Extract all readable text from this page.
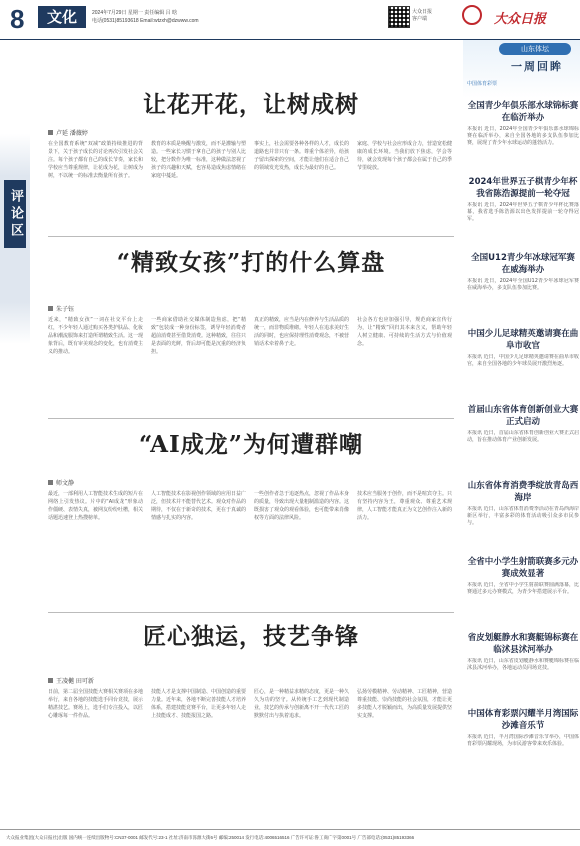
8	文化	2024年7月29日 星期一 责任编辑 吕 晗
电话(0531)85193618 Email:wtzxh@dzwww.com
大众日报
客户端	大众日报
评论区
让花开花，让树成树
卢延 潘薇婷
在全国教育系统“双减”政策持续推进的背景下，关于孩子成长的讨论再次引发社会关注。每个孩子都有自己的成长节奏，家长和学校应当尊重规律，让花成为花，让树成为树，不以统一的标准去衡量所有孩子。
教育的本质是唤醒与激发，而不是灌输与塑造。一些家长习惯于拿自己的孩子与别人比较，把分数作为唯一标准，这种做法忽视了孩子的兴趣和天赋，也容易造成焦虑情绪在家庭中蔓延。
事实上，社会需要各种各样的人才，成长的道路也并非只有一条。尊重个体差异，给孩子留出探索的空间，才能让他们在适合自己的领域发光发热，成长为最好的自己。
家庭、学校与社会应形成合力，营造宽松健康的成长环境。当我们放下焦虑，学会等待，就会发现每个孩子都会在属于自己的季节里绽放。
“精致女孩”打的什么算盘
朱子钰
近来，“精致女孩”一词在社交平台上走红，不少年轻人通过购买各类护肤品、化妆品和潮流服饰来打造所谓精致生活。这一现象背后，既有审美观念的变化，也有消费主义的推动。
一些商家借助社交媒体制造焦虑，把“精致”包装成一种身份标签，诱导年轻消费者超前消费甚至借贷消费。这种精致，往往只是表面的光鲜，背后却可能是沉重的经济负担。
真正的精致，应当是内在修养与生活品质的统一，而非物质堆砌。年轻人在追求美好生活的同时，也应保持理性消费观念，不被营销话术牵着鼻子走。
社会各方也应加强引导，规范商家宣传行为，让“精致”回归其本来含义，帮助年轻人树立健康、可持续的生活方式与价值观念。
“AI成龙”为何遭群嘲
师文静
最近，一部利用人工智能技术生成的短片在网络上引发热议。片中的“AI成龙”形象动作僵硬、表情失真，被网友纷纷吐槽，相关话题迅速登上热搜榜单。
人工智能技术在影视创作领域的应用日益广泛，但技术并不能替代艺术。观众对作品的期待，不仅在于新奇的技术，更在于真诚的情感与扎实的内容。
一些创作者急于追逐热点，忽视了作品本身的质量，导致出现大量粗制滥造的内容。这既损害了观众的观看体验，也可能带来肖像权等方面的法律风险。
技术应当服务于创作，而不是喧宾夺主。只有坚持内容为王，尊重观众、尊重艺术规律，人工智能才能真正为文艺创作注入新的活力。
匠心独运，技艺争锋
王凌樾 田可新
日前，第二届全国技能大赛相关赛项在多地举行，来自各地的技能选手同台竞技，展示精湛技艺。赛场上，选手们专注投入，以匠心雕琢每一件作品。
技能人才是支撑中国制造、中国创造的重要力量。近年来，各地不断完善技能人才培养体系，搭建技能竞赛平台，让更多年轻人走上技能成才、技能报国之路。
匠心，是一种精益求精的态度，更是一种久久为功的坚守。从传统手工艺到现代制造业，技艺的传承与创新离不开一代代工匠的默默付出与执着追求。
弘扬劳模精神、劳动精神、工匠精神，营造尊重技能、崇尚技能的社会氛围，才能让更多技能人才脱颖而出，为高质量发展提供坚实支撑。
山东体坛
一周回眸
中国体育彩票
全国青少年俱乐部水球锦标赛在临沂举办
本报讯 近日，2024年全国青少年俱乐部水球锦标赛在临沂举办，来自全国各地的多支队伍参加比赛，展现了青少年水球运动的蓬勃活力。
2024年世界五子棋青少年杯我省陈浩源提前一轮夺冠
本报讯 近日，2024年世界五子棋青少年杯比赛落幕，我省选手陈浩源以出色发挥提前一轮夺得冠军。
全国U12青少年冰球冠军赛在威海举办
本报讯 近日，2024年全国U12青少年冰球冠军赛在威海举办，多支队伍参加比赛。
中国少儿足球精英邀请赛在曲阜市收官
本报讯 近日，中国少儿足球精英邀请赛在曲阜市收官，来自全国各地的少年球员展开激烈角逐。
首届山东省体育创新创业大赛正式启动
本报讯 近日，首届山东省体育创新创业大赛正式启动，旨在推动体育产业创新发展。
山东省体育消费季绽放青岛西海岸
本报讯 近日，山东省体育消费季活动在青岛西海岸新区举行，丰富多彩的体育活动吸引众多市民参与。
全省中小学生射箭联赛多元办赛成效显著
本报讯 近日，全省中小学生射箭联赛圆满落幕，比赛通过多元办赛模式，为青少年搭建展示平台。
省皮划艇静水和赛艇锦标赛在临沭县沭河举办
本报讯 近日，山东省皮划艇静水和赛艇锦标赛在临沭县沭河举办，各地运动员同场竞技。
中国体育彩票闪耀半月湾国际沙滩音乐节
本报讯 近日，半月湾国际沙滩音乐节举办，中国体育彩票闪耀现场，为市民游客带来欢乐体验。
大众报业集团(大众日报社)出版 国内统一连续出版物号:CN37-0001 邮发代号:23-1 社址:济南市泺源大街6号 邮编:250014 发行电话:4006516516 广告许可证:鲁工商广字第0001号 广告部电话:(0531)85193366
